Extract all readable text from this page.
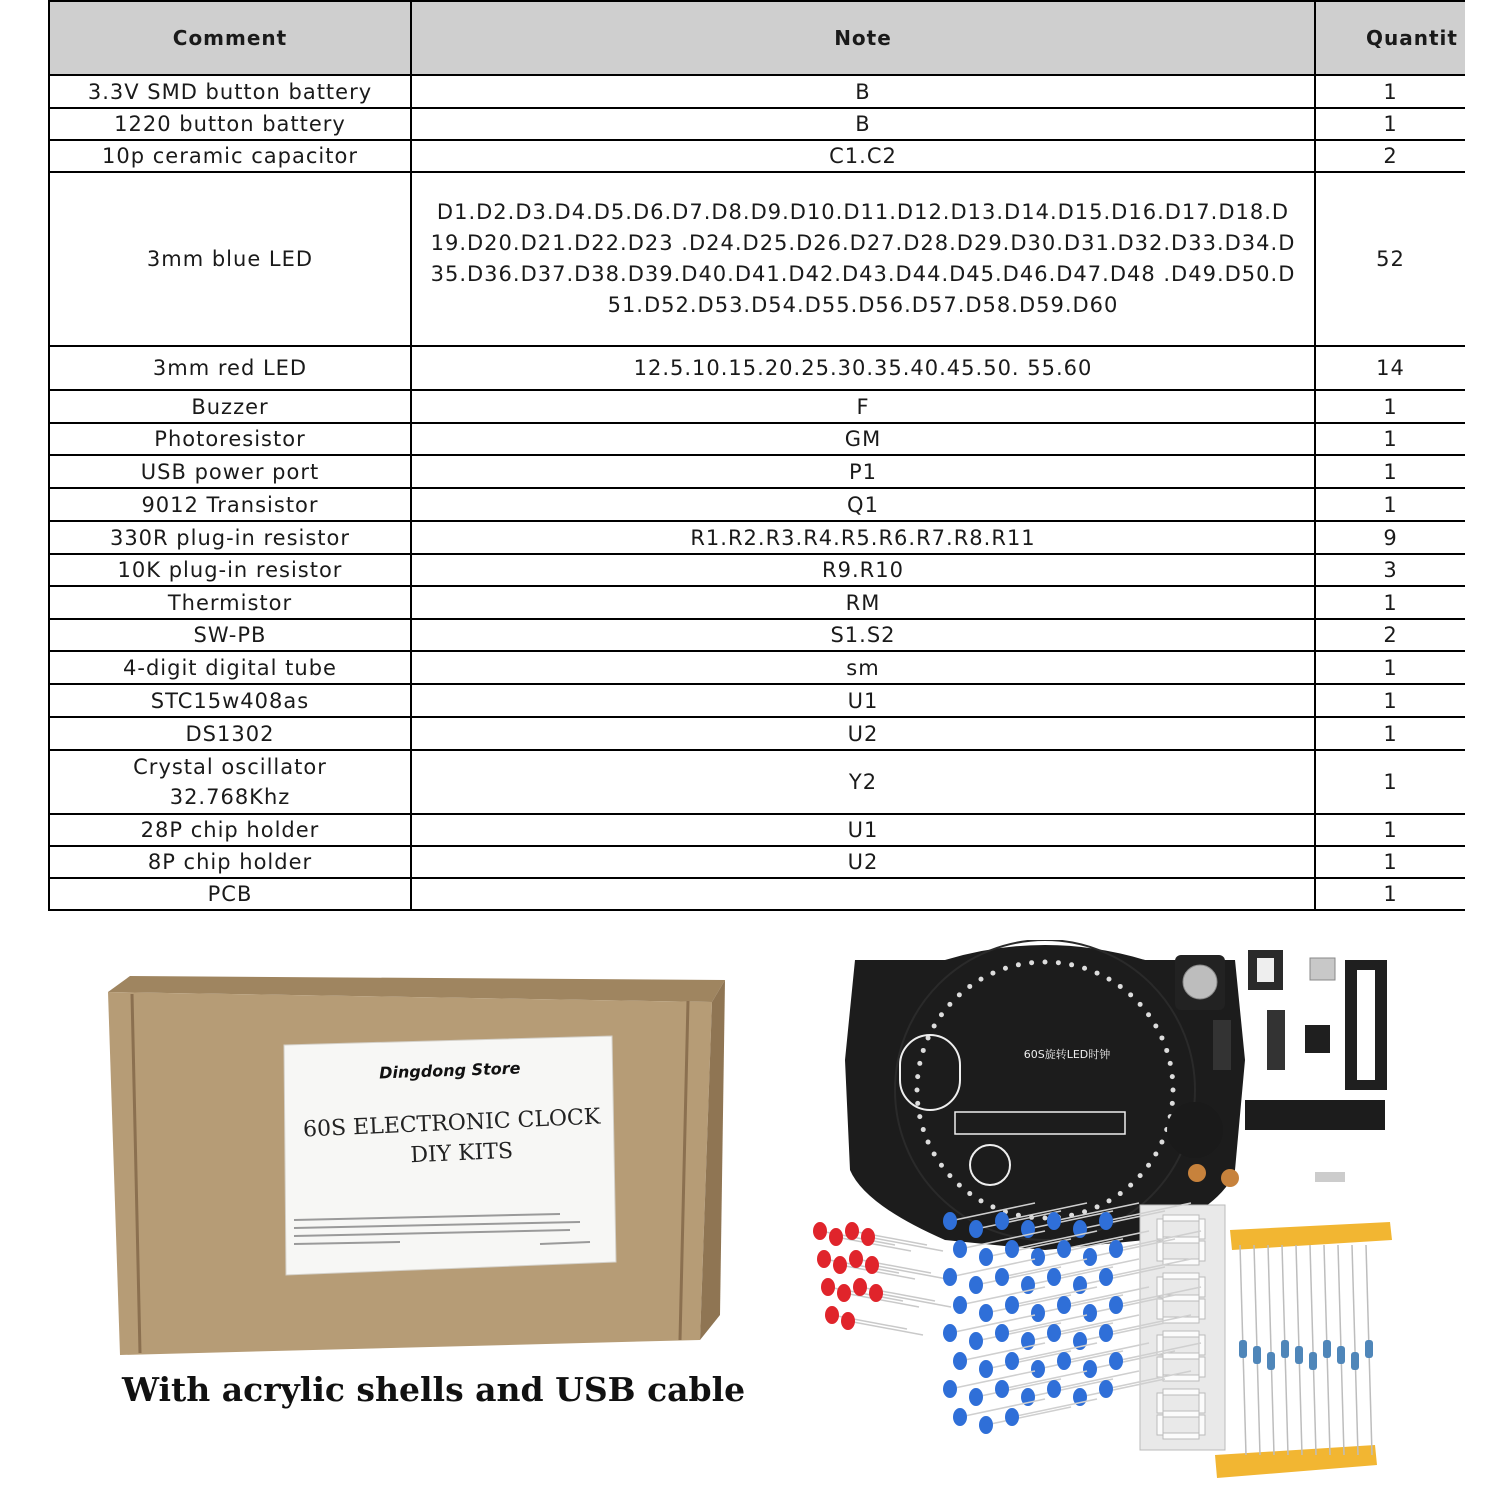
Comment	Note	Quantit
3.3V SMD button battery	B	1
1220 button battery	B	1
10p ceramic capacitor	C1.C2	2
3mm blue LED	D1.D2.D3.D4.D5.D6.D7.D8.D9.D10.D11.D12.D13.D14.D15.D16.D17.D18.D19.D20.D21.D22.D23 .D24.D25.D26.D27.D28.D29.D30.D31.D32.D33.D34.D35.D36.D37.D38.D39.D40.D41.D42.D43.D44.D45.D46.D47.D48 .D49.D50.D51.D52.D53.D54.D55.D56.D57.D58.D59.D60	52
3mm red LED	12.5.10.15.20.25.30.35.40.45.50. 55.60	14
Buzzer	F	1
Photoresistor	GM	1
USB power port	P1	1
9012 Transistor	Q1	1
330R plug-in resistor	R1.R2.R3.R4.R5.R6.R7.R8.R11	9
10K plug-in resistor	R9.R10	3
Thermistor	RM	1
SW-PB	S1.S2	2
4-digit digital tube	sm	1
STC15w408as	U1	1
DS1302	U2	1
Crystal oscillator 32.768Khz	Y2	1
28P chip holder	U1	1
8P chip holder	U2	1
PCB		1
Dingdong Store
60S ELECTRONIC CLOCK
DIY KITS

With acrylic shells and USB cable

60S旋转LED时钟
